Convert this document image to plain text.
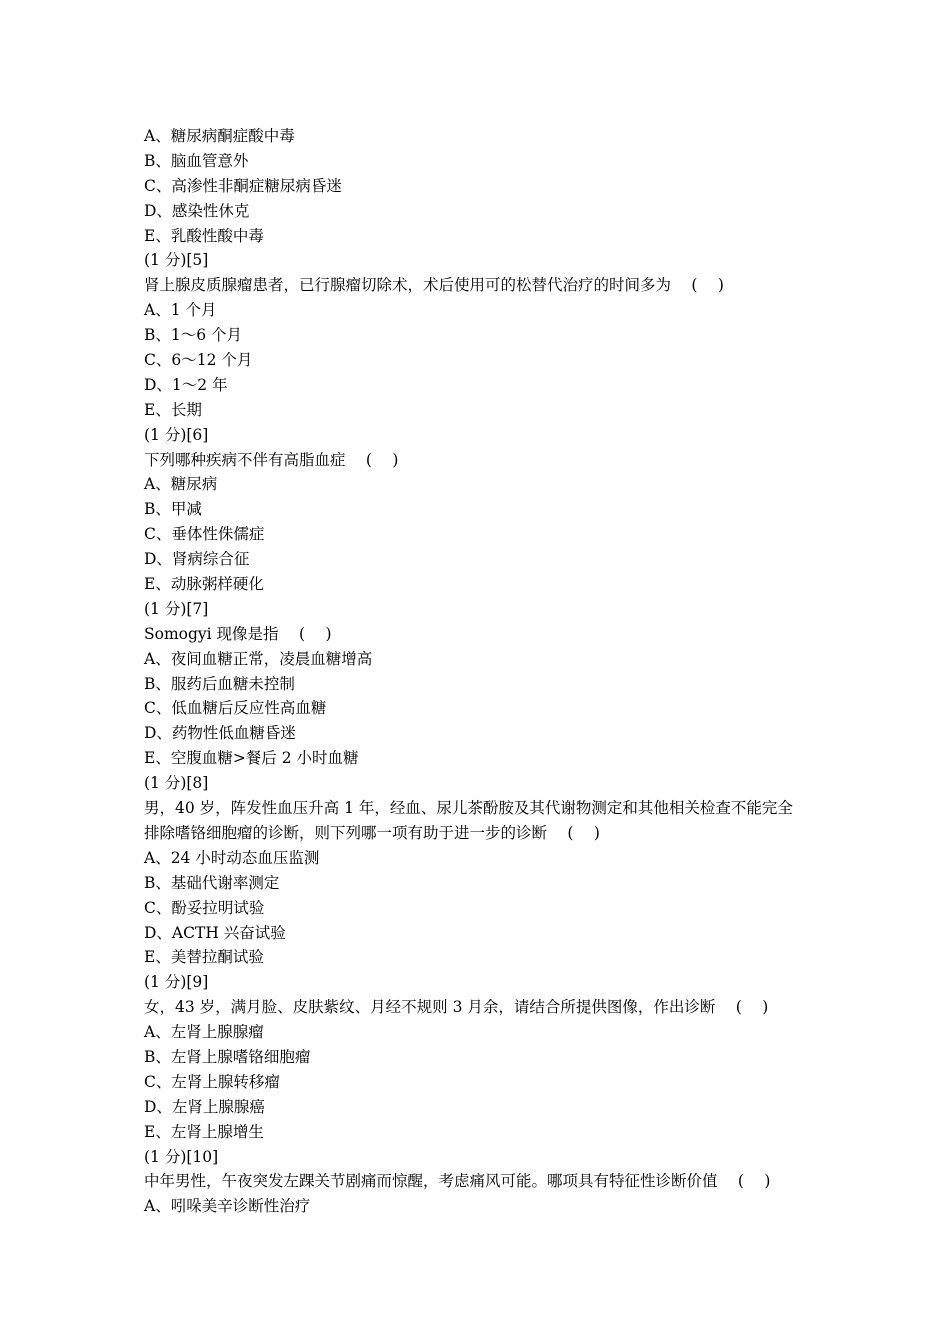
A、糖尿病酮症酸中毒
B、脑血管意外
C、高渗性非酮症糖尿病昏迷
D、感染性休克
E、乳酸性酸中毒
(1 分)[5]
肾上腺皮质腺瘤患者，已行腺瘤切除术，术后使用可的松替代治疗的时间多为 　( 　)
A、1 个月
B、1～6 个月
C、6～12 个月
D、1～2 年
E、长期
(1 分)[6]
下列哪种疾病不伴有高脂血症 　( 　)
A、糖尿病
B、甲减
C、垂体性侏儒症
D、肾病综合征
E、动脉粥样硬化
(1 分)[7]
Somogyi 现像是指 　( 　)
A、夜间血糖正常，凌晨血糖增高
B、服药后血糖未控制
C、低血糖后反应性高血糖
D、药物性低血糖昏迷
E、空腹血糖>餐后 2 小时血糖
(1 分)[8]
男，40 岁，阵发性血压升高 1 年，经血、尿儿茶酚胺及其代谢物测定和其他相关检查不能完全
排除嗜铬细胞瘤的诊断，则下列哪一项有助于进一步的诊断 　( 　)
A、24 小时动态血压监测
B、基础代谢率测定
C、酚妥拉明试验
D、ACTH 兴奋试验
E、美替拉酮试验
(1 分)[9]
女，43 岁，满月脸、皮肤紫纹、月经不规则 3 月余，请结合所提供图像，作出诊断 　( 　)
A、左肾上腺腺瘤
B、左肾上腺嗜铬细胞瘤
C、左肾上腺转移瘤
D、左肾上腺腺癌
E、左肾上腺增生
(1 分)[10]
中年男性，午夜突发左踝关节剧痛而惊醒，考虑痛风可能。哪项具有特征性诊断价值 　( 　)
A、吲哚美辛诊断性治疗
